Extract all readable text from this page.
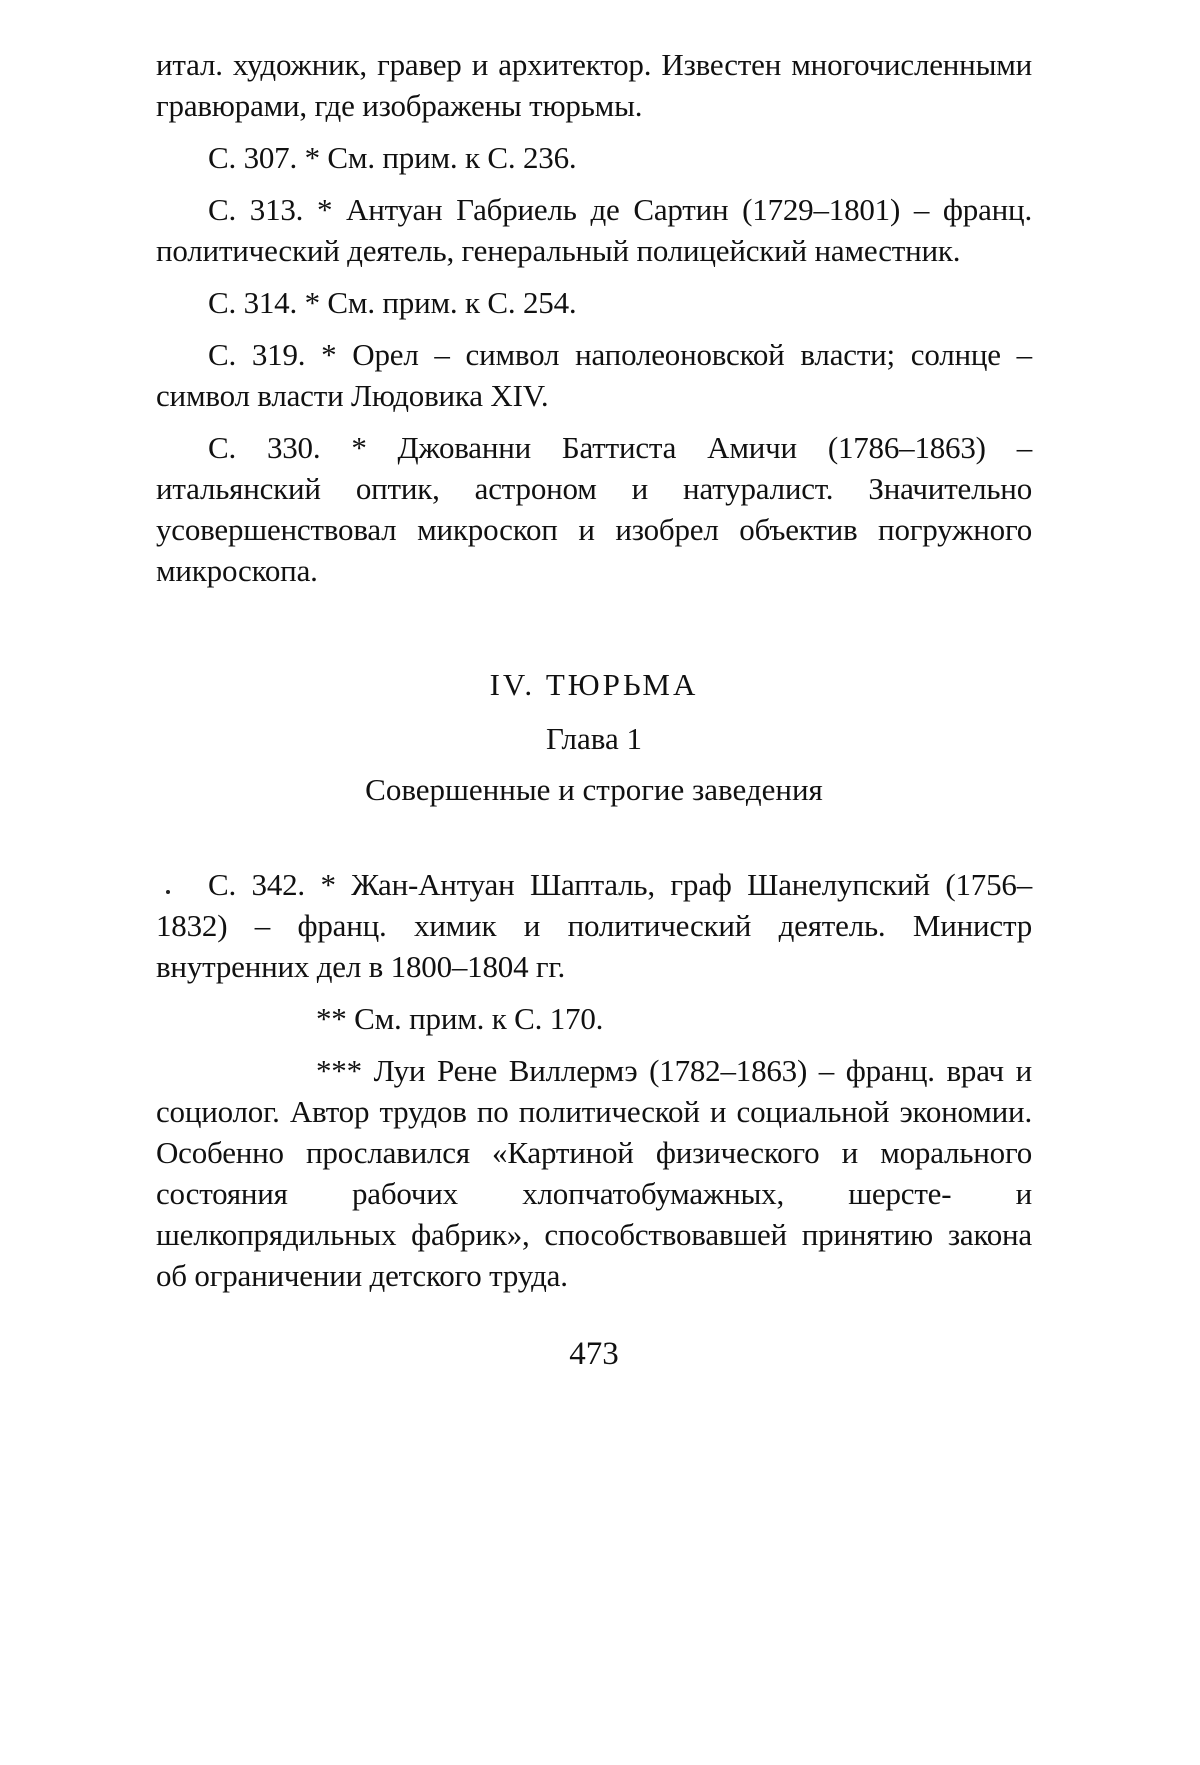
итал. художник, гравер и архитектор. Известен многочисленными гравюрами, где изображены тюрьмы.

С. 307. * См. прим. к С. 236.

С. 313. * Антуан Габриель де Сартин (1729–1801) – франц. политический деятель, генеральный полицейский наместник.

С. 314. * См. прим. к С. 254.

С. 319. * Орел – символ наполеоновской власти; солнце – символ власти Людовика XIV.

С. 330. * Джованни Баттиста Амичи (1786–1863) – итальянский оптик, астроном и натуралист. Значительно усовершенствовал микроскоп и изобрел объектив погружного микроскопа.

IV. ТЮРЬМА
Глава 1
Совершенные и строгие заведения

С. 342. * Жан-Антуан Шапталь, граф Шанелупский (1756–1832) – франц. химик и политический деятель. Министр внутренних дел в 1800–1804 гг.

** См. прим. к С. 170.

*** Луи Рене Виллермэ (1782–1863) – франц. врач и социолог. Автор трудов по политической и социальной экономии. Особенно прославился «Картиной физического и морального состояния рабочих хлопчатобумажных, шерсте- и шелкопрядильных фабрик», способствовавшей принятию закона об ограничении детского труда.

473
